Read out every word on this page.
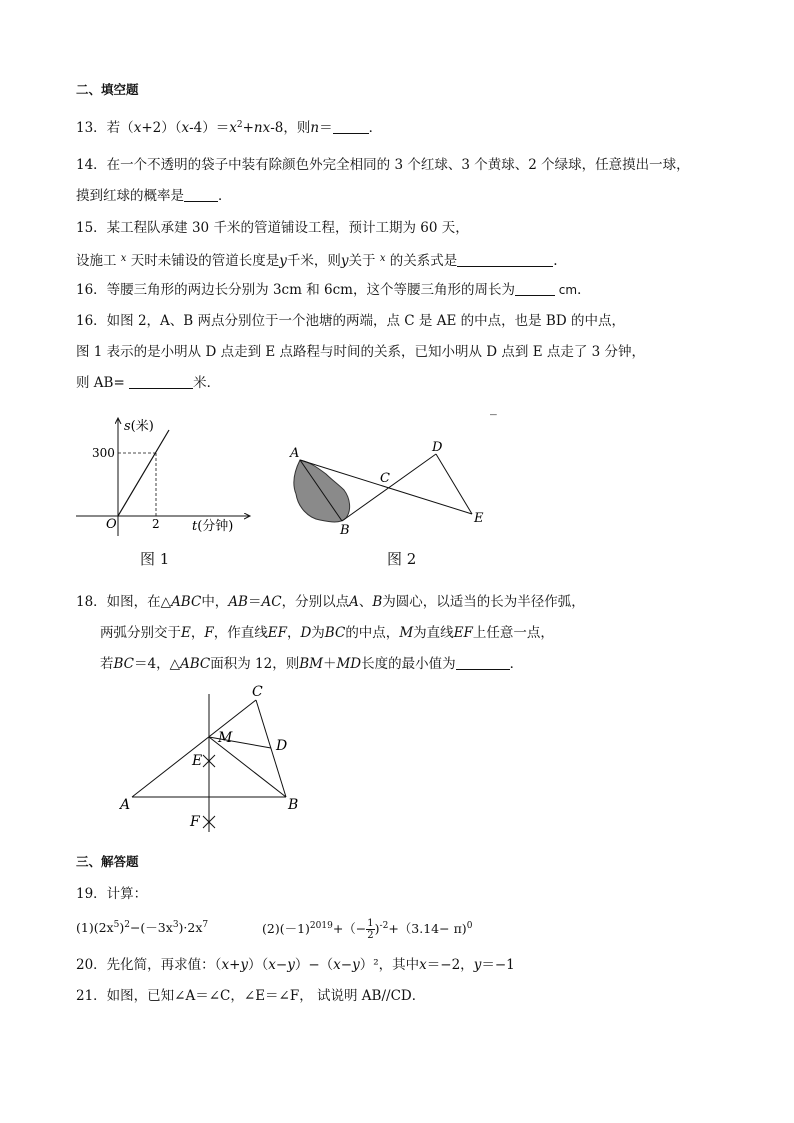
二、填空题
13．若$(x+2)(x-4)=x^2+nx-8$，则n＝	．
14．在一个不透明的袋子中装有除颜色外完全相同的 3 个红球、3 个黄球、2 个绿球，任意摸出一球，
摸到红球的概率是	．
15．某工程队承建 30 千米的管道铺设工程，预计工期为 60 天，
设施工 $^x$ 天时未铺设的管道长度是y千米，则y关于 $^x$ 的关系式是	.
16．等腰三角形的两边长分别为 3cm 和 6cm，这个等腰三角形的周长为	cm．
16．如图 2，A、B 两点分别位于一个池塘的两端，点 C 是 AE 的中点，也是 BD 的中点，
图 1 表示的是小明从 D 点走到 E 点路程与时间的关系，已知小明从 D 点到 E 点走了 3 分钟，
则 AB=	米．
_
s(米)
300
O	2 t(分钟)
图 1
A
B
C
D
E
图 2
18．如图，在△ABC中，AB＝AC，分别以点A、B为圆心，以适当的长为半径作弧，
两弧分别交于E，F，作直线EF，D为BC的中点，M为直线EF上任意一点，
若BC＝4，△ABC面积为 12，则BM＋MD长度的最小值为	．
A	B
C
D
E
F
M
三、解答题
19．计算：
$(1)(2x^5)^2-(-3x^3)\cdot 2x^7$	$(2)(-1)^{2019}+(- \frac{1}{2} )^{-2}+(3.14- \pi)^0$
20．先化简，再求值：（x+y）（x−y）−（x−y）²，其中x＝−2，y＝−1
21．如图，已知∠A＝∠C，∠E＝∠F， 试说明 AB//CD．
